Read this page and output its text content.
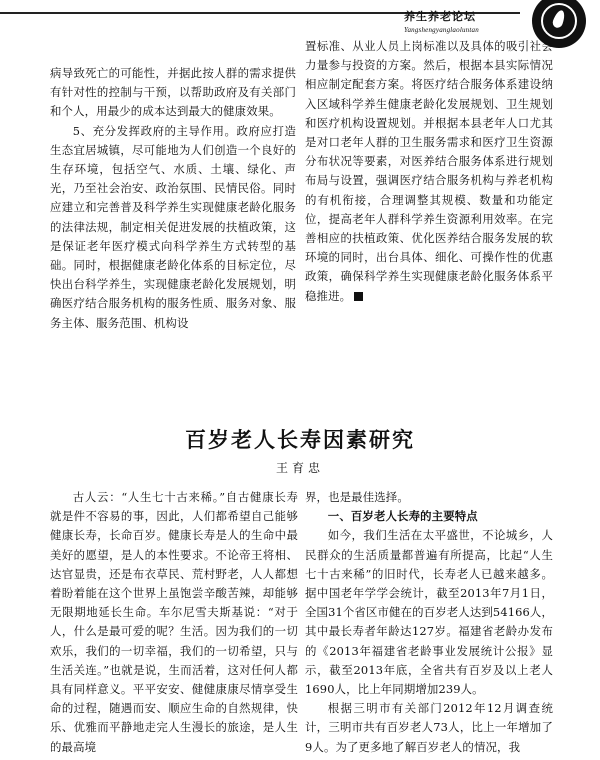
养生养老论坛
Yangshengyanglaoluntan

病导致死亡的可能性，并据此按人群的需求提供有针对性的控制与干预，以帮助政府及有关部门和个人，用最少的成本达到最大的健康效果。

5、充分发挥政府的主导作用。政府应打造生态宜居城镇，尽可能地为人们创造一个良好的生存环境，包括空气、水质、土壤、绿化、声光，乃至社会治安、政治氛围、民情民俗。同时应建立和完善普及科学养生实现健康老龄化服务的法律法规，制定相关促进发展的扶植政策，这是保证老年医疗模式向科学养生方式转型的基础。同时，根据健康老龄化体系的目标定位，尽快出台科学养生，实现健康老龄化发展规划，明确医疗结合服务机构的服务性质、服务对象、服务主体、服务范围、机构设

置标准、从业人员上岗标准以及具体的吸引社会力量参与投资的方案。然后，根据本县实际情况相应制定配套方案。将医疗结合服务体系建设纳入区域科学养生健康老龄化发展规划、卫生规划和医疗机构设置规划。并根据本县老年人口尤其是对口老年人群的卫生服务需求和医疗卫生资源分布状况等要素，对医养结合服务体系进行规划布局与设置，强调医疗结合服务机构与养老机构的有机衔接，合理调整其规模、数量和功能定位，提高老年人群科学养生资源利用效率。在完善相应的扶植政策、优化医养结合服务发展的软环境的同时，出台具体、细化、可操作性的优惠政策，确保科学养生实现健康老龄化服务体系平稳推进。

百岁老人长寿因素研究
王育忠

古人云：“人生七十古来稀。”自古健康长寿就是件不容易的事，因此，人们都希望自己能够健康长寿，长命百岁。健康长寿是人的生命中最美好的愿望，是人的本性要求。不论帝王将相、达官显贵，还是布衣草民、荒村野老，人人都想着盼着能在这个世界上虽饱尝辛酸苦辣，却能够无限期地延长生命。车尔尼雪夫斯基说：“对于人，什么是最可爱的呢？生活。因为我们的一切欢乐，我们的一切幸福，我们的一切希望，只与生活关连。”也就是说，生而活着，这对任何人都具有同样意义。平平安安、健健康康尽情享受生命的过程，随遇而安、顺应生命的自然规律，快乐、优雅而平静地走完人生漫长的旅途，是人生的最高境

界，也是最佳选择。

一、百岁老人长寿的主要特点

如今，我们生活在太平盛世，不论城乡，人民群众的生活质量都普遍有所提高，比起“人生七十古来稀”的旧时代，长寿老人已越来越多。据中国老年学学会统计，截至2013年7月1日，全国31个省区市健在的百岁老人达到54166人，其中最长寿者年龄达127岁。福建省老龄办发布的《2013年福建省老龄事业发展统计公报》显示，截至2013年底，全省共有百岁及以上老人1690人，比上年同期增加239人。

根据三明市有关部门2012年12月调查统计，三明市共有百岁老人73人，比上一年增加了9人。为了更多地了解百岁老人的情况，我
